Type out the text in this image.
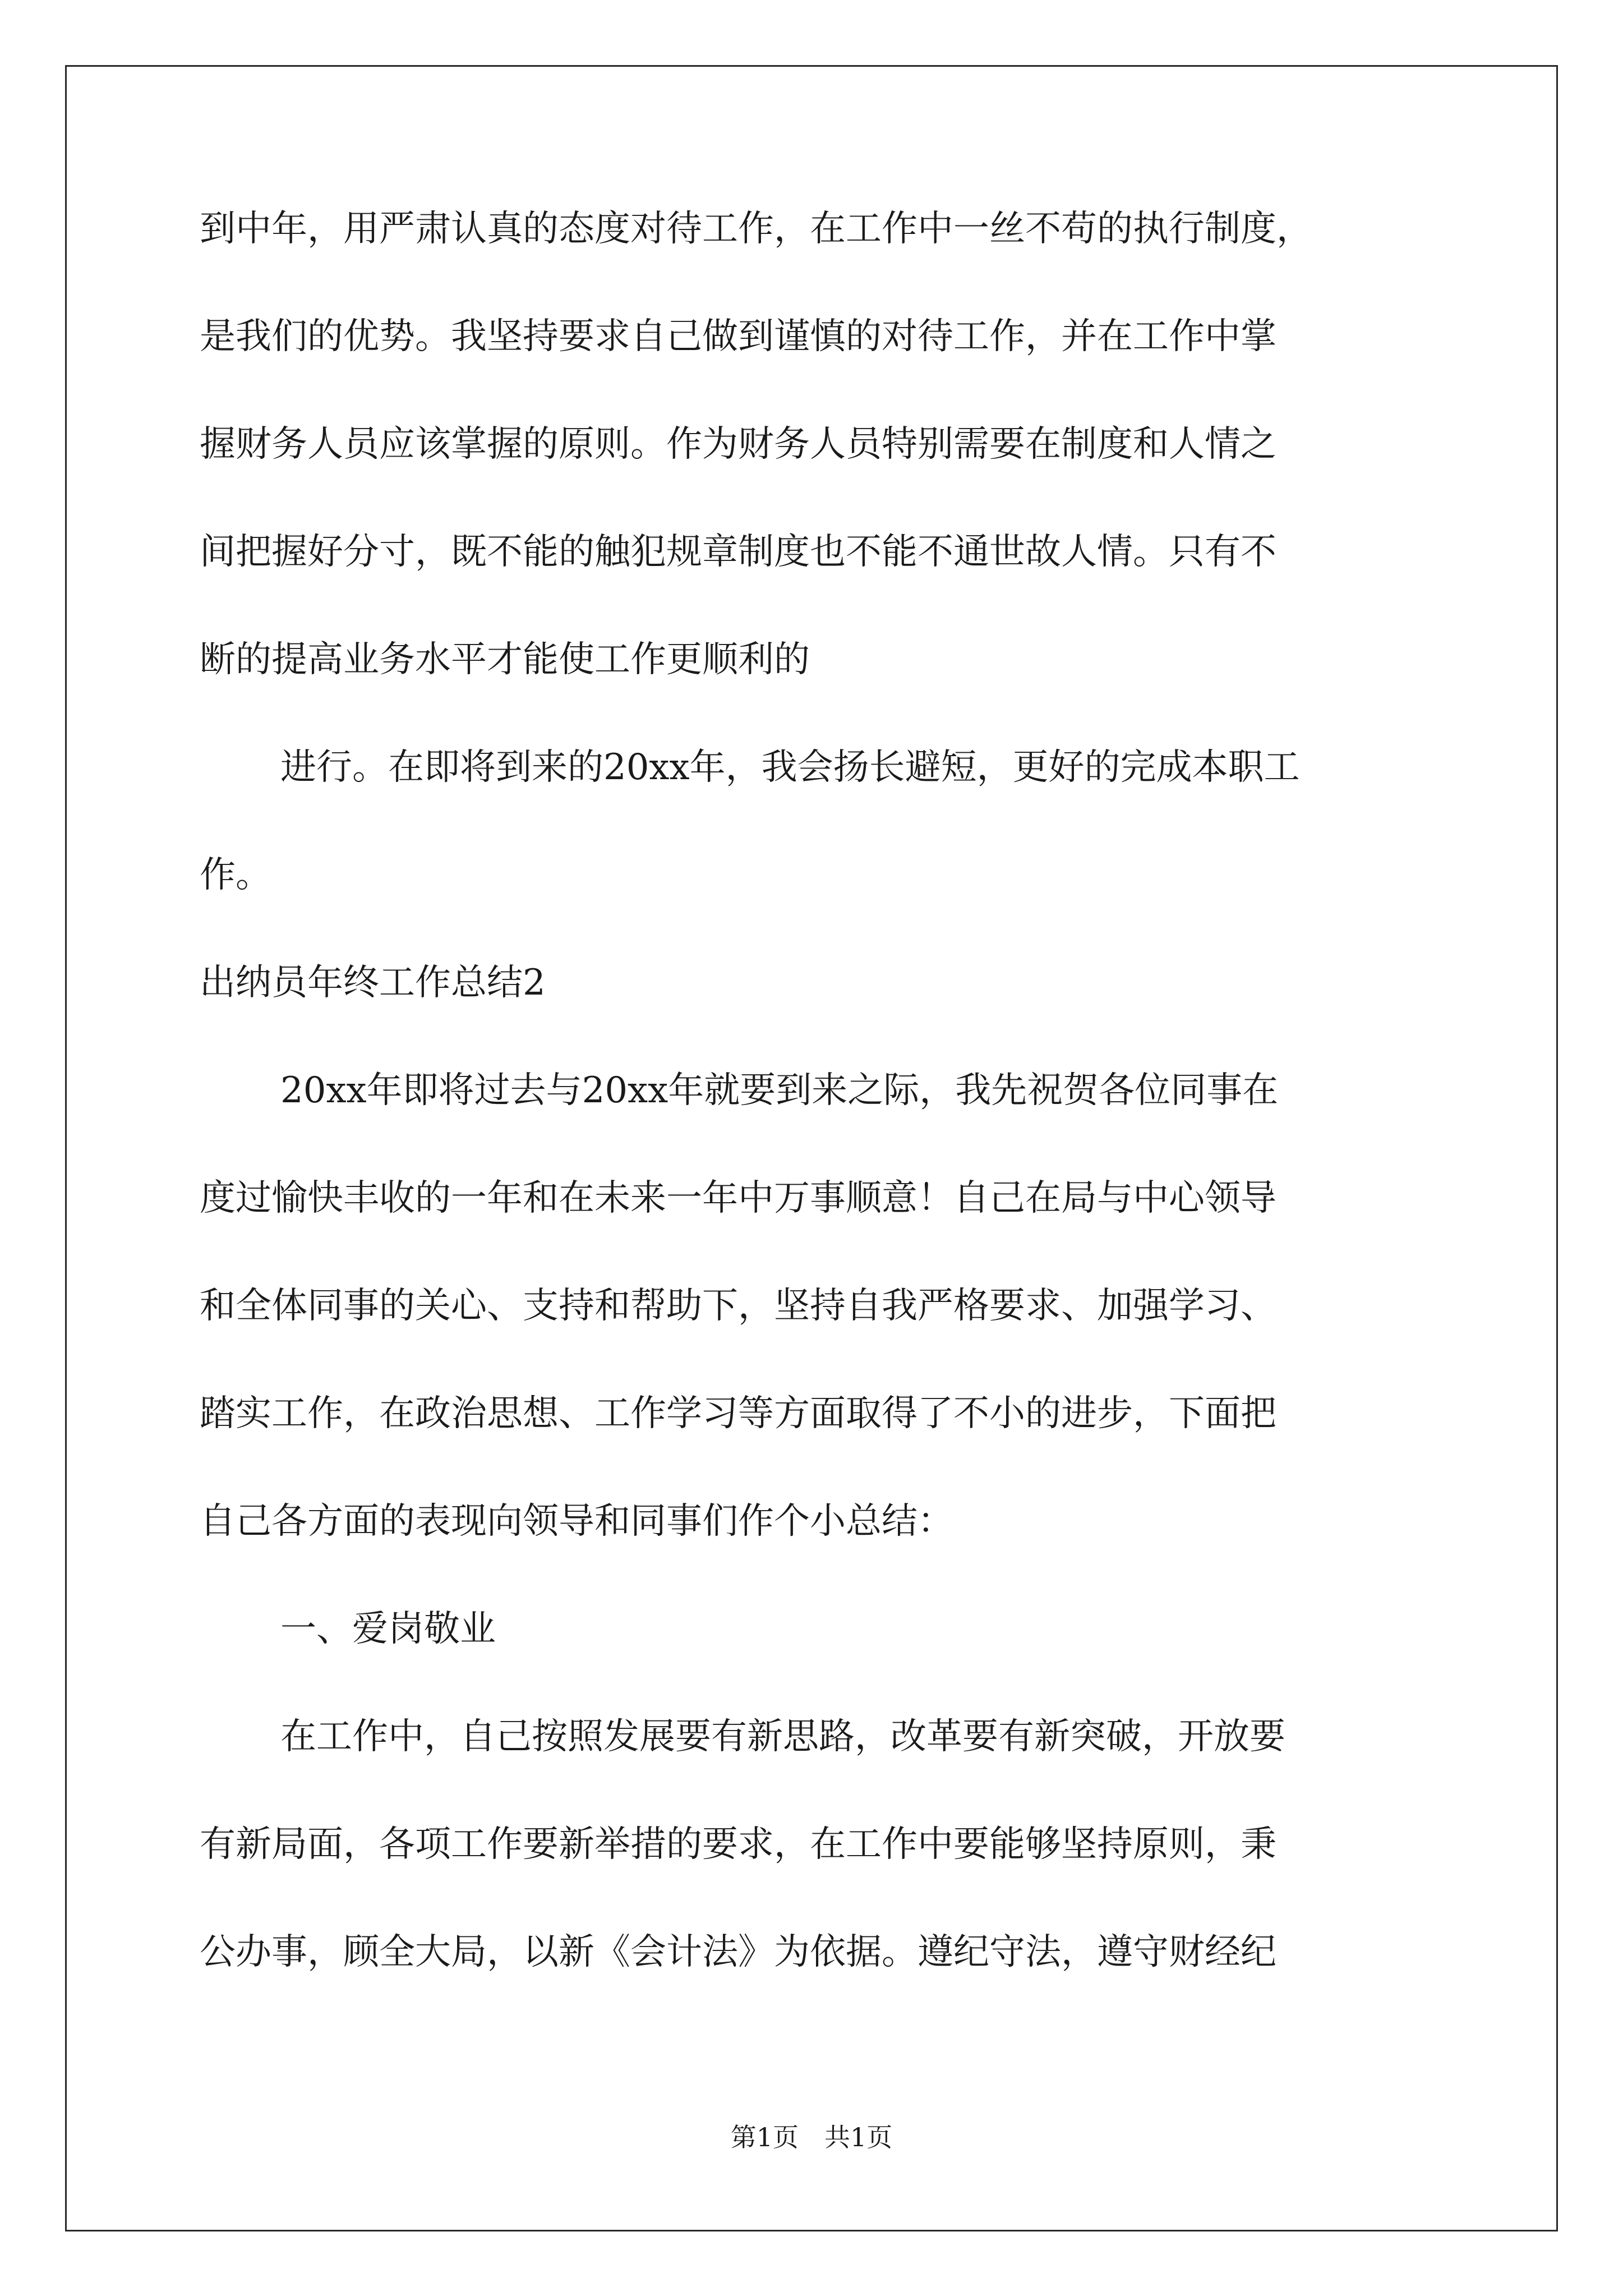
到中年，用严肃认真的态度对待工作，在工作中一丝不苟的执行制度，
是我们的优势。我坚持要求自己做到谨慎的对待工作，并在工作中掌
握财务人员应该掌握的原则。作为财务人员特别需要在制度和人情之
间把握好分寸，既不能的触犯规章制度也不能不通世故人情。只有不
断的提高业务水平才能使工作更顺利的
进行。在即将到来的20xx年，我会扬长避短，更好的完成本职工
作。
出纳员年终工作总结2
20xx年即将过去与20xx年就要到来之际，我先祝贺各位同事在
度过愉快丰收的一年和在未来一年中万事顺意！自己在局与中心领导
和全体同事的关心、支持和帮助下，坚持自我严格要求、加强学习、
踏实工作，在政治思想、工作学习等方面取得了不小的进步，下面把
自己各方面的表现向领导和同事们作个小总结：
一、爱岗敬业
在工作中，自己按照发展要有新思路，改革要有新突破，开放要
有新局面，各项工作要新举措的要求，在工作中要能够坚持原则，秉
公办事，顾全大局，以新《会计法》为依据。遵纪守法，遵守财经纪
第1页　共1页
